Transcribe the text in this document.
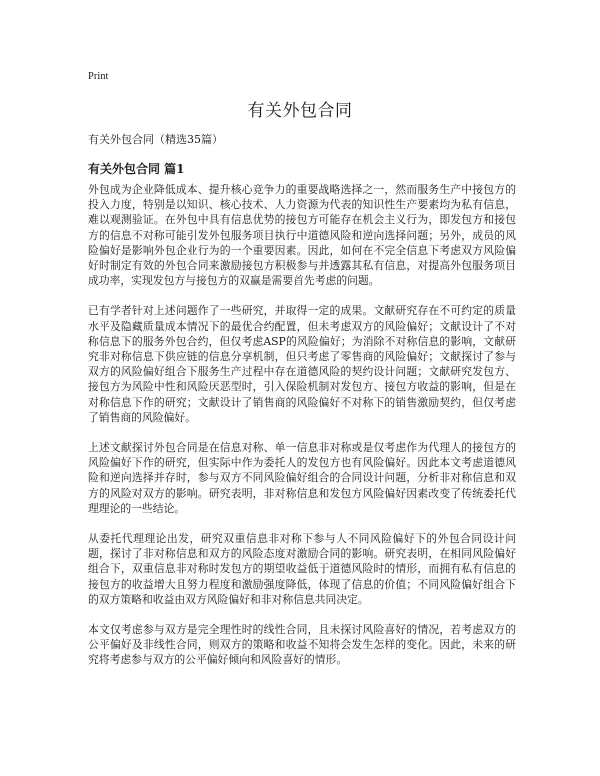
Print
有关外包合同
有关外包合同（精选35篇）
有关外包合同 篇1

外包成为企业降低成本、提升核心竞争力的重要战略选择之一，然而服务生产中接包方的投入力度，特别是以知识、核心技术、人力资源为代表的知识性生产要素均为私有信息，难以观测验证。在外包中具有信息优势的接包方可能存在机会主义行为，即发包方和接包方的信息不对称可能引发外包服务项目执行中道德风险和逆向选择问题；另外，成员的风险偏好是影响外包企业行为的一个重要因素。因此，如何在不完全信息下考虑双方风险偏好时制定有效的外包合同来激励接包方积极参与并透露其私有信息，对提高外包服务项目成功率，实现发包方与接包方的双赢是需要首先考虑的问题。

已有学者针对上述问题作了一些研究，并取得一定的成果。文献研究存在不可约定的质量水平及隐藏质量成本情况下的最优合约配置，但未考虑双方的风险偏好；文献设计了不对称信息下的服务外包合约，但仅考虑ASP的风险偏好；为消除不对称信息的影响，文献研究非对称信息下供应链的信息分享机制，但只考虑了零售商的风险偏好；文献探讨了参与双方的风险偏好组合下服务生产过程中存在道德风险的契约设计问题；文献研究发包方、接包方为风险中性和风险厌恶型时，引入保险机制对发包方、接包方收益的影响，但是在对称信息下作的研究；文献设计了销售商的风险偏好不对称下的销售激励契约，但仅考虑了销售商的风险偏好。

上述文献探讨外包合同是在信息对称、单一信息非对称或是仅考虑作为代理人的接包方的风险偏好下作的研究，但实际中作为委托人的发包方也有风险偏好。因此本文考虑道德风险和逆向选择并存时，参与双方不同风险偏好组合的合同设计问题，分析非对称信息和双方的风险对双方的影响。研究表明，非对称信息和发包方风险偏好因素改变了传统委托代理理论的一些结论。

从委托代理理论出发，研究双重信息非对称下参与人不同风险偏好下的外包合同设计问题，探讨了非对称信息和双方的风险态度对激励合同的影响。研究表明，在相同风险偏好组合下，双重信息非对称时发包方的期望收益低于道德风险时的情形，而拥有私有信息的接包方的收益增大且努力程度和激励强度降低，体现了信息的价值；不同风险偏好组合下的双方策略和收益由双方风险偏好和非对称信息共同决定。

本文仅考虑参与双方是完全理性时的线性合同，且未探讨风险喜好的情况，若考虑双方的公平偏好及非线性合同，则双方的策略和收益不知将会发生怎样的变化。因此，未来的研究将考虑参与双方的公平偏好倾向和风险喜好的情形。
